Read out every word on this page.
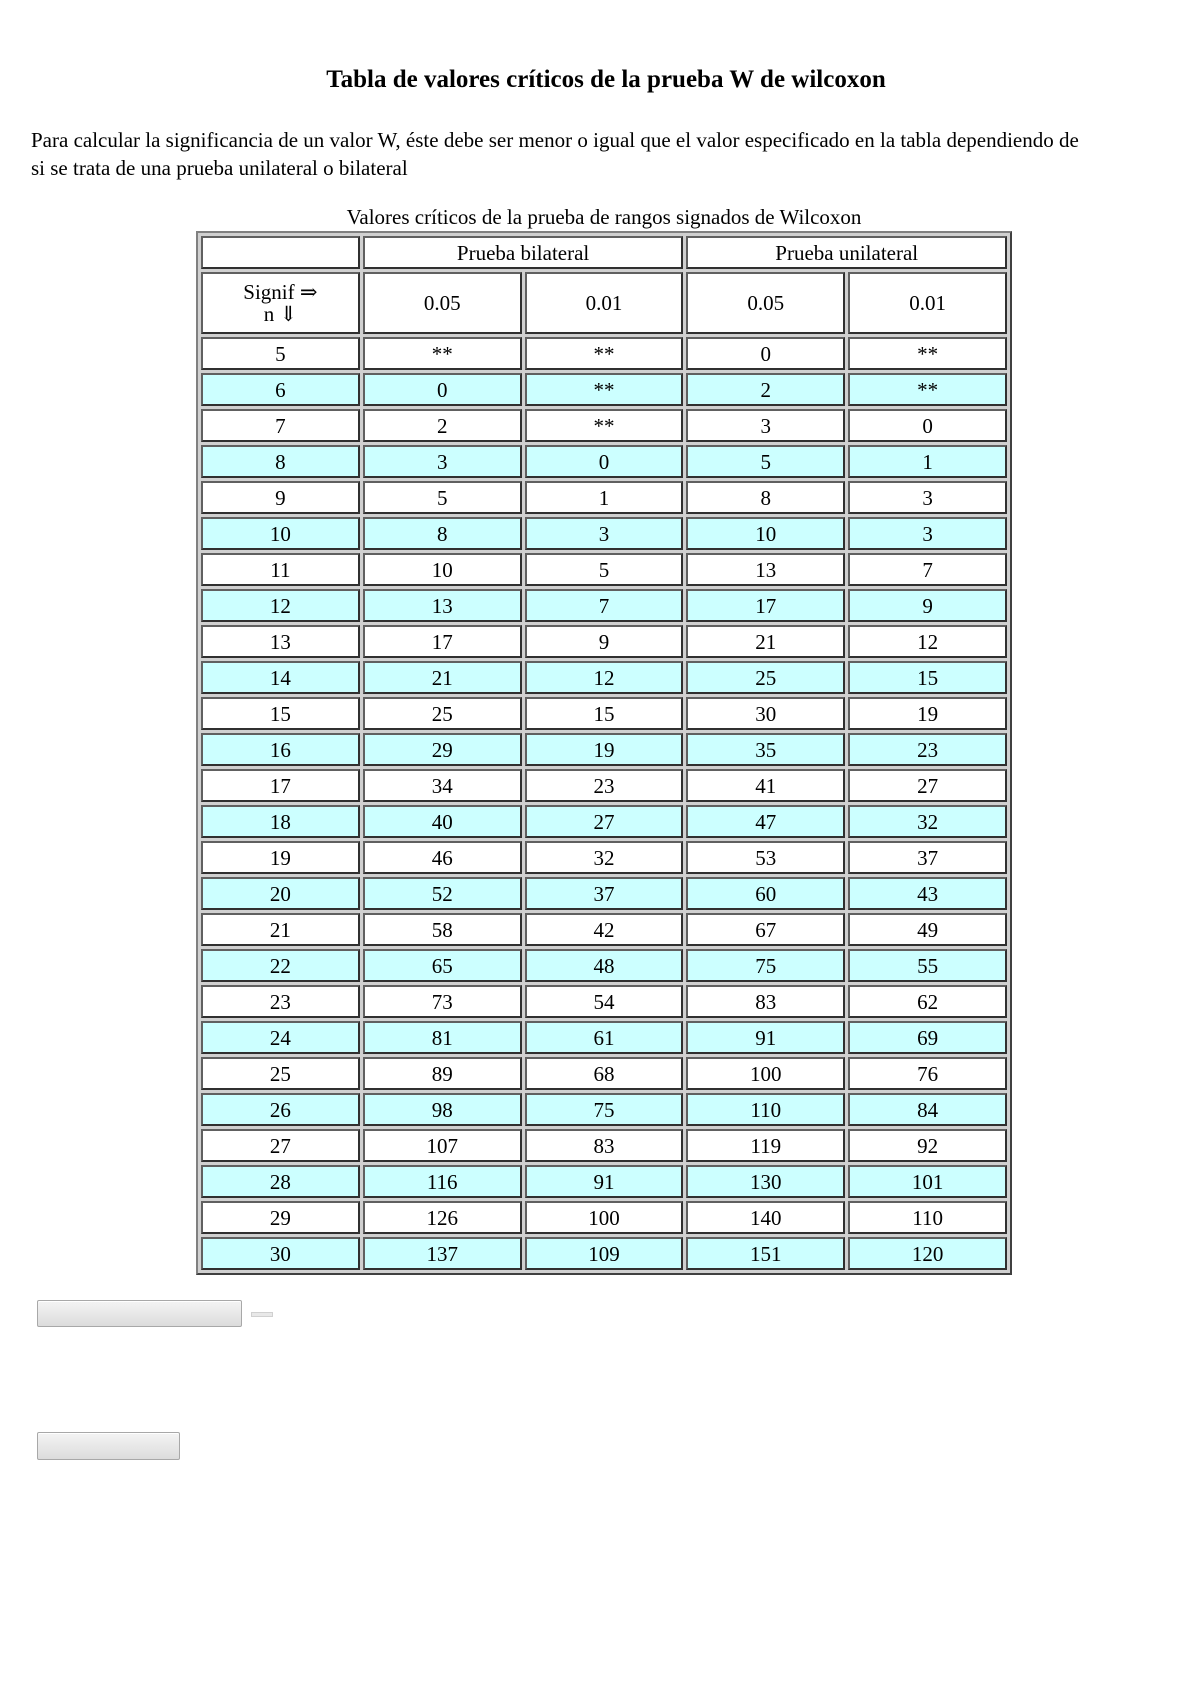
Tabla de valores críticos de la prueba W de wilcoxon

Para calcular la significancia de un valor W, éste debe ser menor o igual que el valor especificado en la tabla dependiendo de si se trata de una prueba unilateral o bilateral

Valores críticos de la prueba de rangos signados de Wilcoxon
	Prueba bilateral		Prueba unilateral	
Signif ⇒
n ⇓	0.05	0.01	0.05	0.01
5	**	**	0	**
6	0	**	2	**
7	2	**	3	0
8	3	0	5	1
9	5	1	8	3
10	8	3	10	3
11	10	5	13	7
12	13	7	17	9
13	17	9	21	12
14	21	12	25	15
15	25	15	30	19
16	29	19	35	23
17	34	23	41	27
18	40	27	47	32
19	46	32	53	37
20	52	37	60	43
21	58	42	67	49
22	65	48	75	55
23	73	54	83	62
24	81	61	91	69
25	89	68	100	76
26	98	75	110	84
27	107	83	119	92
28	116	91	130	101
29	126	100	140	110
30	137	109	151	120
